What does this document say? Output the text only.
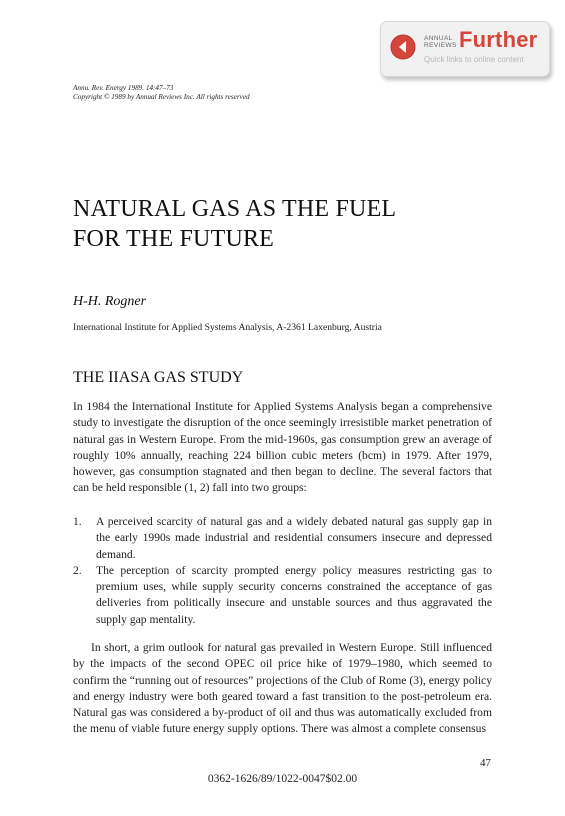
ANNUAL
REVIEWS Further
Quick links to online content
Annu. Rev. Energy 1989. 14:47–73
Copyright © 1989 by Annual Reviews Inc. All rights reserved
NATURAL GAS AS THE FUEL
FOR THE FUTURE
H-H. Rogner
International Institute for Applied Systems Analysis, A-2361 Laxenburg, Austria
THE IIASA GAS STUDY

In 1984 the International Institute for Applied Systems Analysis began a comprehensive study to investigate the disruption of the once seemingly irresistible market penetration of natural gas in Western Europe. From the mid-1960s, gas consumption grew an average of roughly 10% annually, reaching 224 billion cubic meters (bcm) in 1979. After 1979, however, gas consumption stagnated and then began to decline. The several factors that can be held responsible (1, 2) fall into two groups:

1. A perceived scarcity of natural gas and a widely debated natural gas supply gap in the early 1990s made industrial and residential consumers insecure and depressed demand.
2. The perception of scarcity prompted energy policy measures restricting gas to premium uses, while supply security concerns constrained the acceptance of gas deliveries from politically insecure and unstable sources and thus aggravated the supply gap mentality.

In short, a grim outlook for natural gas prevailed in Western Europe. Still influenced by the impacts of the second OPEC oil price hike of 1979–1980, which seemed to confirm the “running out of resources” projections of the Club of Rome (3), energy policy and energy industry were both geared toward a fast transition to the post-petroleum era. Natural gas was considered a by-product of oil and thus was automatically excluded from the menu of viable future energy supply options. There was almost a complete consensus

47
0362-1626/89/1022-0047$02.00
